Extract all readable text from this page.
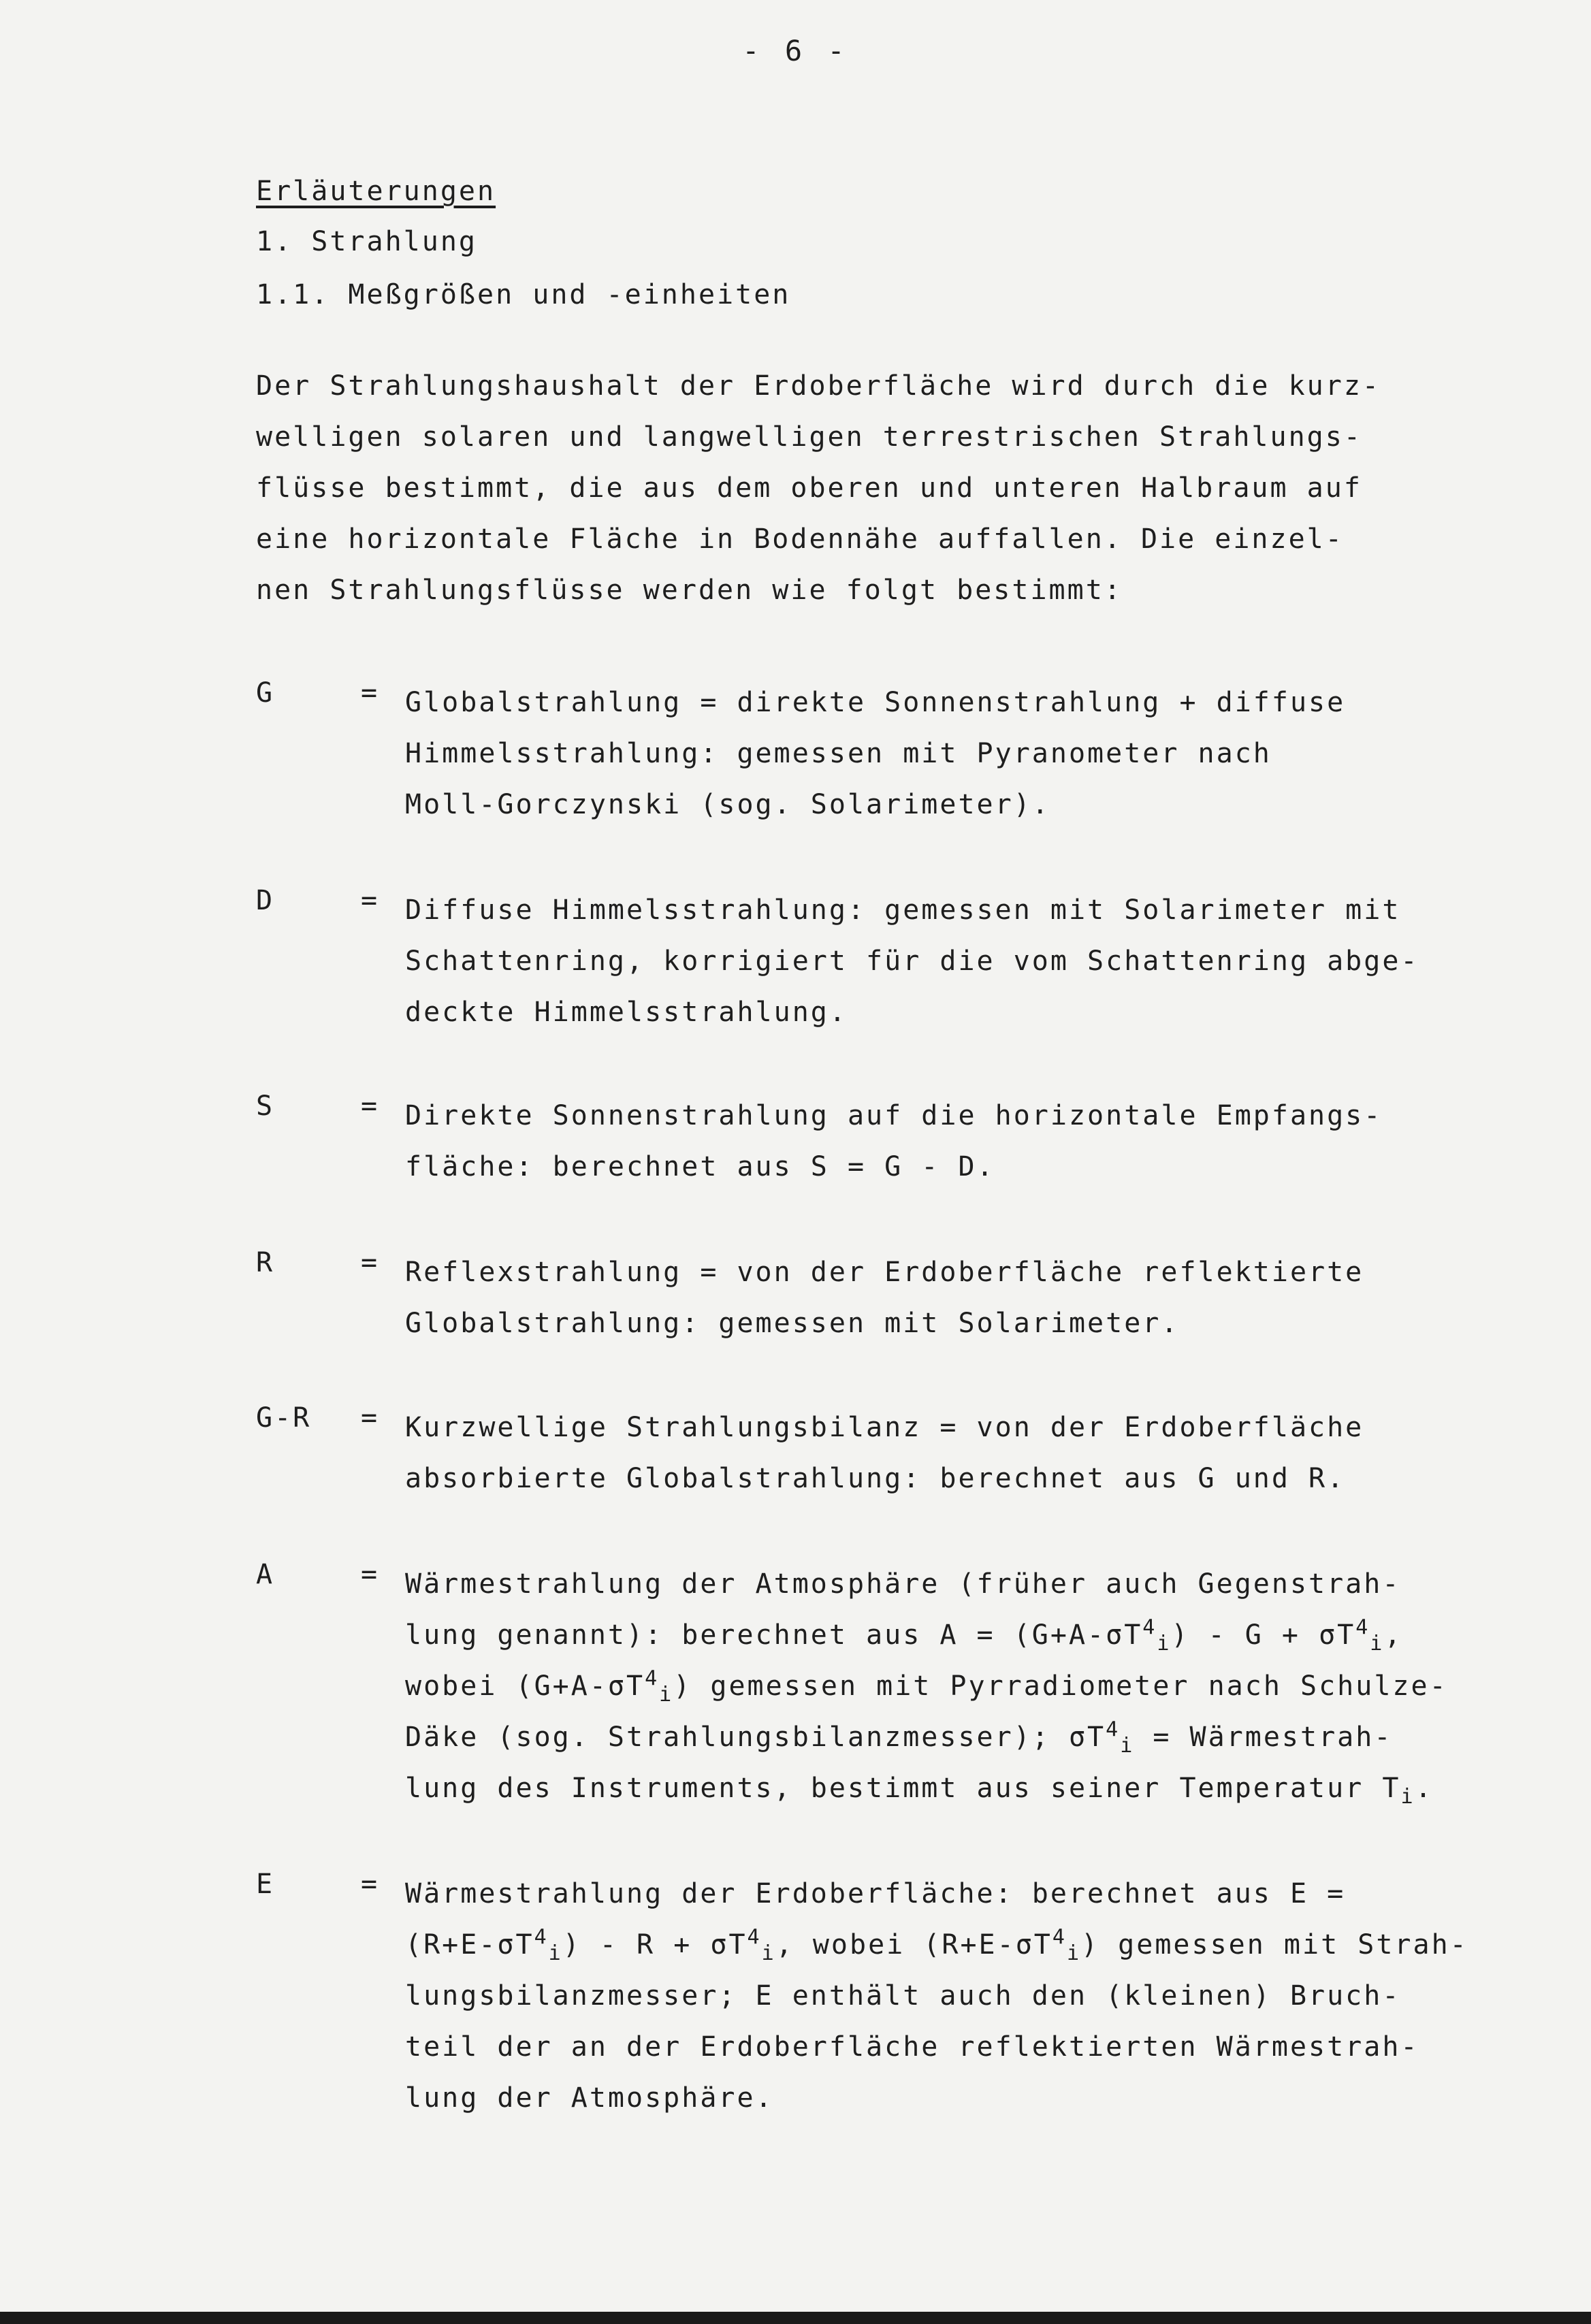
- 6 -
Erläuterungen
1. Strahlung
1.1. Meßgrößen und -einheiten
Der Strahlungshaushalt der Erdoberfläche wird durch die kurz-
welligen solaren und langwelligen terrestrischen Strahlungs-
flüsse bestimmt, die aus dem oberen und unteren Halbraum auf
eine horizontale Fläche in Bodennähe auffallen. Die einzel-
nen Strahlungsflüsse werden wie folgt bestimmt:
G	= Globalstrahlung = direkte Sonnenstrahlung + diffuse
Himmelsstrahlung: gemessen mit Pyranometer nach
Moll-Gorczynski (sog. Solarimeter).
D	= Diffuse Himmelsstrahlung: gemessen mit Solarimeter mit
Schattenring, korrigiert für die vom Schattenring abge-
deckte Himmelsstrahlung.
S	= Direkte Sonnenstrahlung auf die horizontale Empfangs-
fläche: berechnet aus S = G - D.
R	= Reflexstrahlung = von der Erdoberfläche reflektierte
Globalstrahlung: gemessen mit Solarimeter.
G-R = Kurzwellige Strahlungsbilanz = von der Erdoberfläche
absorbierte Globalstrahlung: berechnet aus G und R.
A	= Wärmestrahlung der Atmosphäre (früher auch Gegenstrah-
lung genannt): berechnet aus $A = (G+A-\sigma T^4_i) - G + \sigma T^4_i$,
wobei $(G+A-\sigma T^4_i)$ gemessen mit Pyrradiometer nach Schulze-
Däke (sog. Strahlungsbilanzmesser); $\sigma T^4_i$ = Wärmestrah-
lung des Instruments, bestimmt aus seiner Temperatur $T_i$.
E	= Wärmestrahlung der Erdoberfläche: berechnet aus E =
$(R+E-\sigma T^4_i) - R + \sigma T^4_i$, wobei $(R+E-\sigma T^4_i)$ gemessen mit Strah-
lungsbilanzmesser; E enthält auch den (kleinen) Bruch-
teil der an der Erdoberfläche reflektierten Wärmestrah-
lung der Atmosphäre.
